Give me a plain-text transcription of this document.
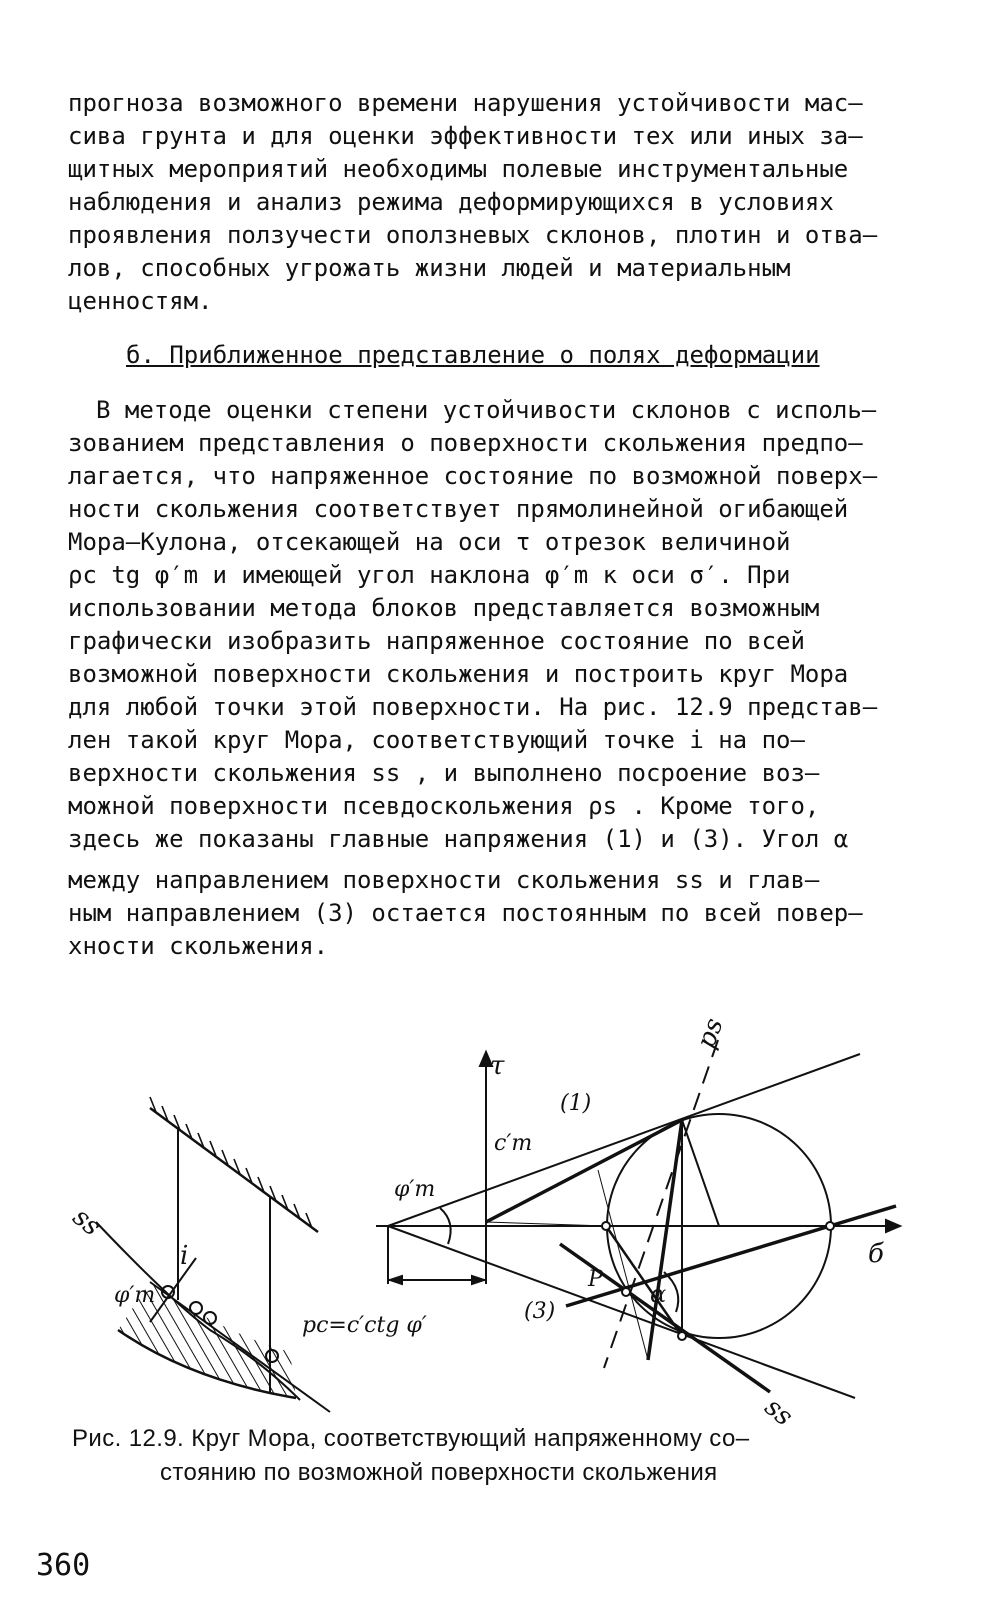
прогноза возможного времени нарушения устойчивости мас–
сива грунта и для оценки эффективности тех или иных за–
щитных мероприятий необходимы полевые инструментальные
наблюдения и анализ режима деформирующихся в условиях
проявления ползучести оползневых склонов, плотин и отва–
лов, способных угрожать жизни людей и материальным
ценностям.
б. Приближенное представление о полях деформации
В методе оценки степени устойчивости склонов с исполь–
зованием представления о поверхности скольжения предпо–
лагается, что напряженное состояние по возможной поверх–
ности скольжения соответствует прямолинейной огибающей
Мора–Кулона, отсекающей на оси τ отрезок величиной
ρc tg φ′m и имеющей угол наклона φ′m к оси σ′. При
использовании метода блоков представляется возможным
графически изобразить напряженное состояние по всей
возможной поверхности скольжения и построить круг Мора
для любой точки этой поверхности. На рис. 12.9 представ–
лен такой круг Мора, соответствующий точке i на по–
верхности скольжения ss , и выполнено посроение воз–
можной поверхности псевдоскольжения ρs . Кроме того,
здесь же показаны главные напряжения (1) и (3). Угол α
между направлением поверхности скольжения ss и глав–
ным направлением (3) остается постоянным по всей повер–
хности скольжения.
τ
б
ps
ss
ss
i
φ′m
φ′m
c′m
pc=c′ctg φ′
(1)
(3)
P
α
Рис. 12.9. Круг Мора, соответствующий напряженному со–
стоянию по возможной поверхности скольжения
360
